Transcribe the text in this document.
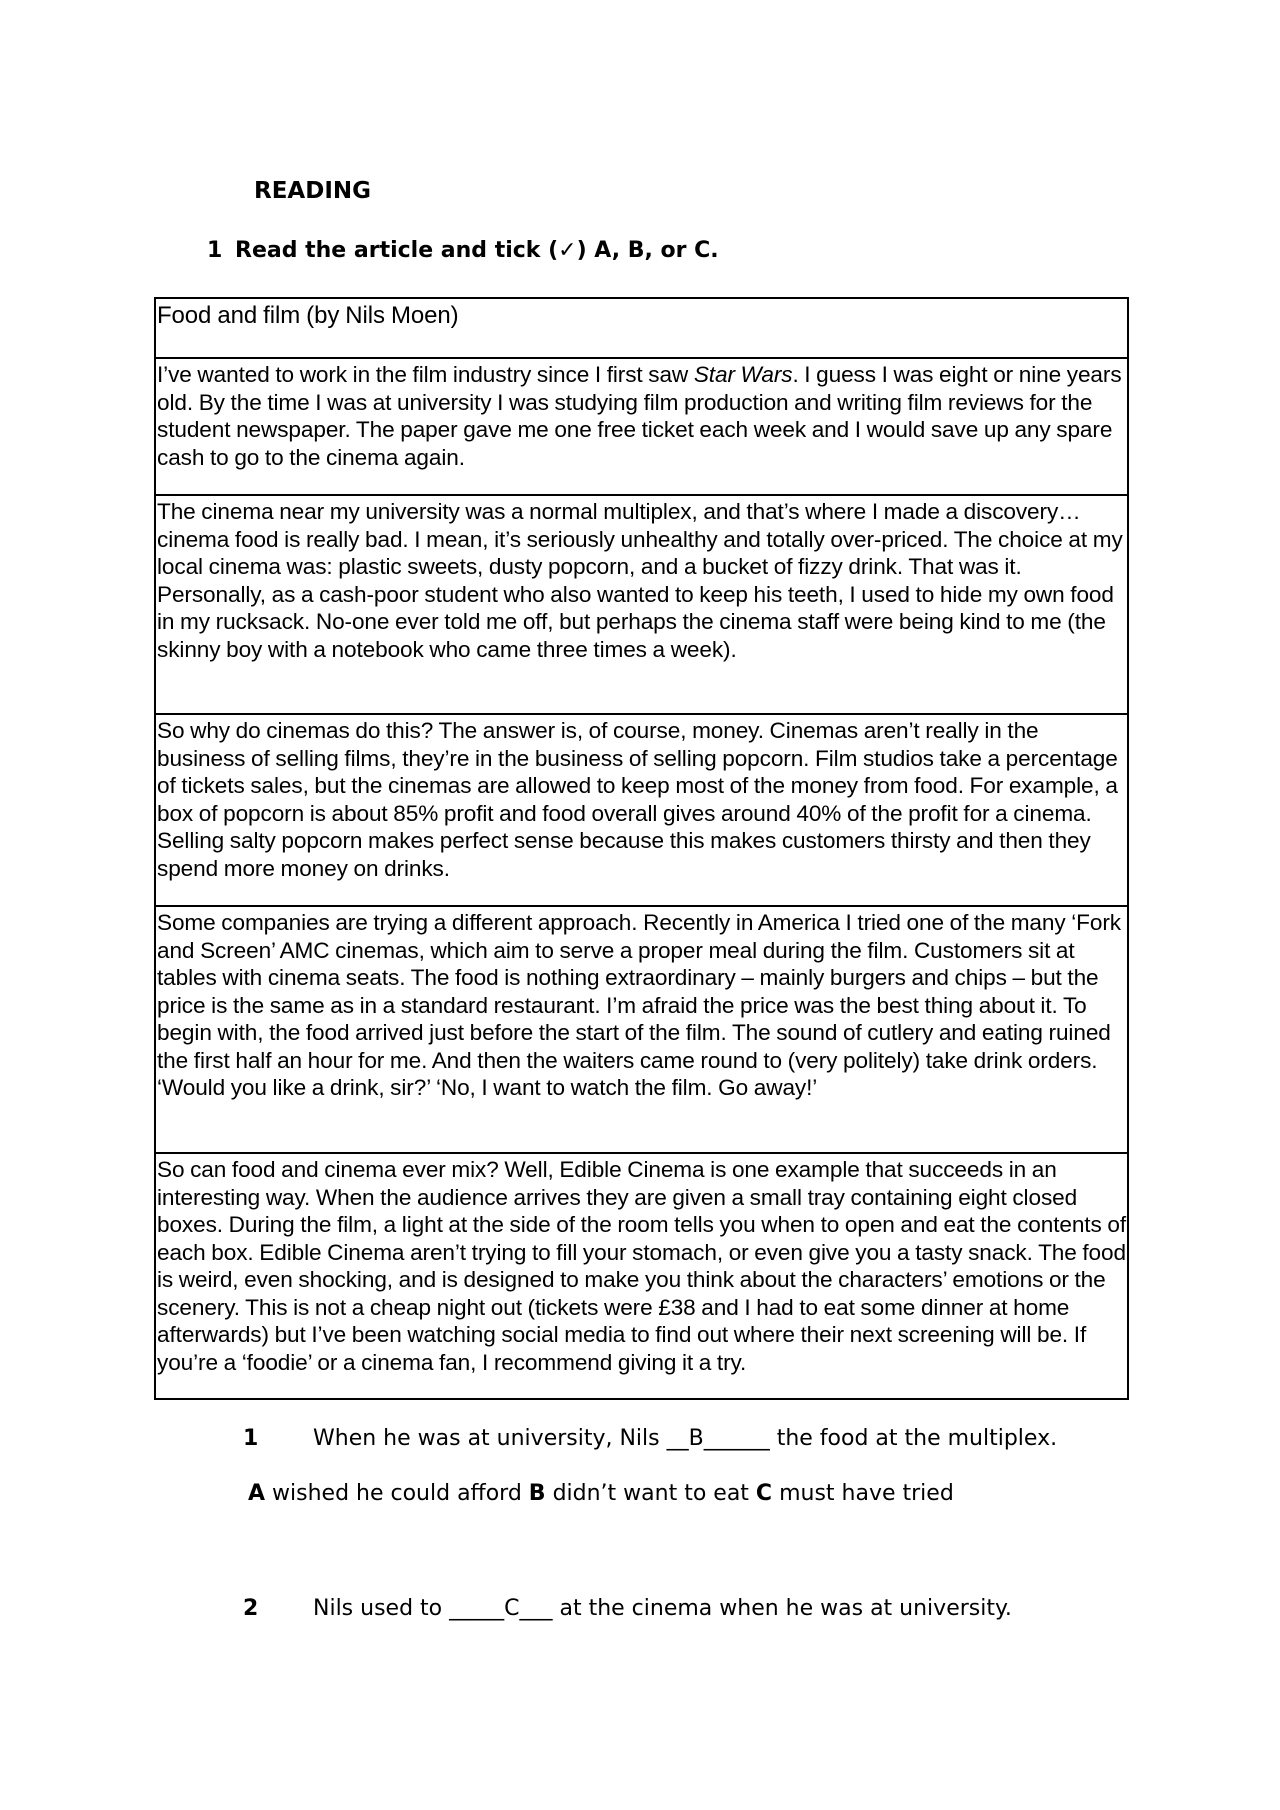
READING
1 Read the article and tick (✓) A, B, or C.
Food and film (by Nils Moen)

I’ve wanted to work in the film industry since I first saw Star Wars. I guess I was eight or nine years old. By the time I was at university I was studying film production and writing film reviews for the student newspaper. The paper gave me one free ticket each week and I would save up any spare cash to go to the cinema again.

The cinema near my university was a normal multiplex, and that’s where I made a discovery…cinema food is really bad. I mean, it’s seriously unhealthy and totally over-priced. The choice at my local cinema was: plastic sweets, dusty popcorn, and a bucket of fizzy drink. That was it. Personally, as a cash-poor student who also wanted to keep his teeth, I used to hide my own food in my rucksack. No-one ever told me off, but perhaps the cinema staff were being kind to me (the skinny boy with a notebook who came three times a week).

So why do cinemas do this? The answer is, of course, money. Cinemas aren’t really in the business of selling films, they’re in the business of selling popcorn. Film studios take a percentage of tickets sales, but the cinemas are allowed to keep most of the money from food. For example, a box of popcorn is about 85% profit and food overall gives around 40% of the profit for a cinema. Selling salty popcorn makes perfect sense because this makes customers thirsty and then they spend more money on drinks.

Some companies are trying a different approach. Recently in America I tried one of the many ‘Fork and Screen’ AMC cinemas, which aim to serve a proper meal during the film. Customers sit at tables with cinema seats. The food is nothing extraordinary – mainly burgers and chips – but the price is the same as in a standard restaurant. I’m afraid the price was the best thing about it. To begin with, the food arrived just before the start of the film. The sound of cutlery and eating ruined the first half an hour for me. And then the waiters came round to (very politely) take drink orders. ‘Would you like a drink, sir?’ ‘No, I want to watch the film. Go away!’

So can food and cinema ever mix? Well, Edible Cinema is one example that succeeds in an interesting way. When the audience arrives they are given a small tray containing eight closed boxes. During the film, a light at the side of the room tells you when to open and eat the contents of each box. Edible Cinema aren’t trying to fill your stomach, or even give you a tasty snack. The food is weird, even shocking, and is designed to make you think about the characters’ emotions or the scenery. This is not a cheap night out (tickets were £38 and I had to eat some dinner at home afterwards) but I’ve been watching social media to find out where their next screening will be. If you’re a ‘foodie’ or a cinema fan, I recommend giving it a try.

1 When he was at university, Nils __B______ the food at the multiplex.
A wished he could afford B didn’t want to eat C must have tried
2 Nils used to _____C___ at the cinema when he was at university.
